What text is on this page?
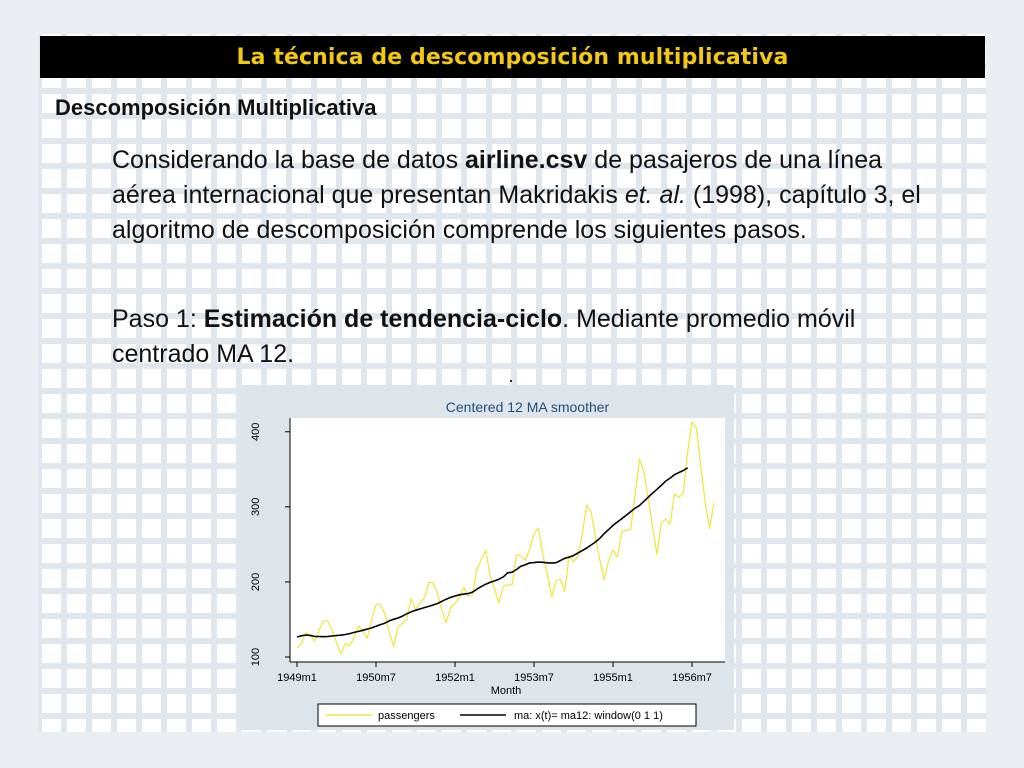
La técnica de descomposición multiplicativa
Descomposición Multiplicativa
Considerando la base de datos airline.csv de pasajeros de una línea aérea internacional que presentan Makridakis et. al. (1998), capítulo 3, el algoritmo de descomposición comprende los siguientes pasos.
Paso 1: Estimación de tendencia-ciclo. Mediante promedio móvil centrado MA 12.
Centered 12 MA smoother
100
200
300
400
1949m1	1950m7	1952m1	1953m7	1955m1	1956m7
Month
passengers	ma: x(t)= ma12: window(0 1 1)
